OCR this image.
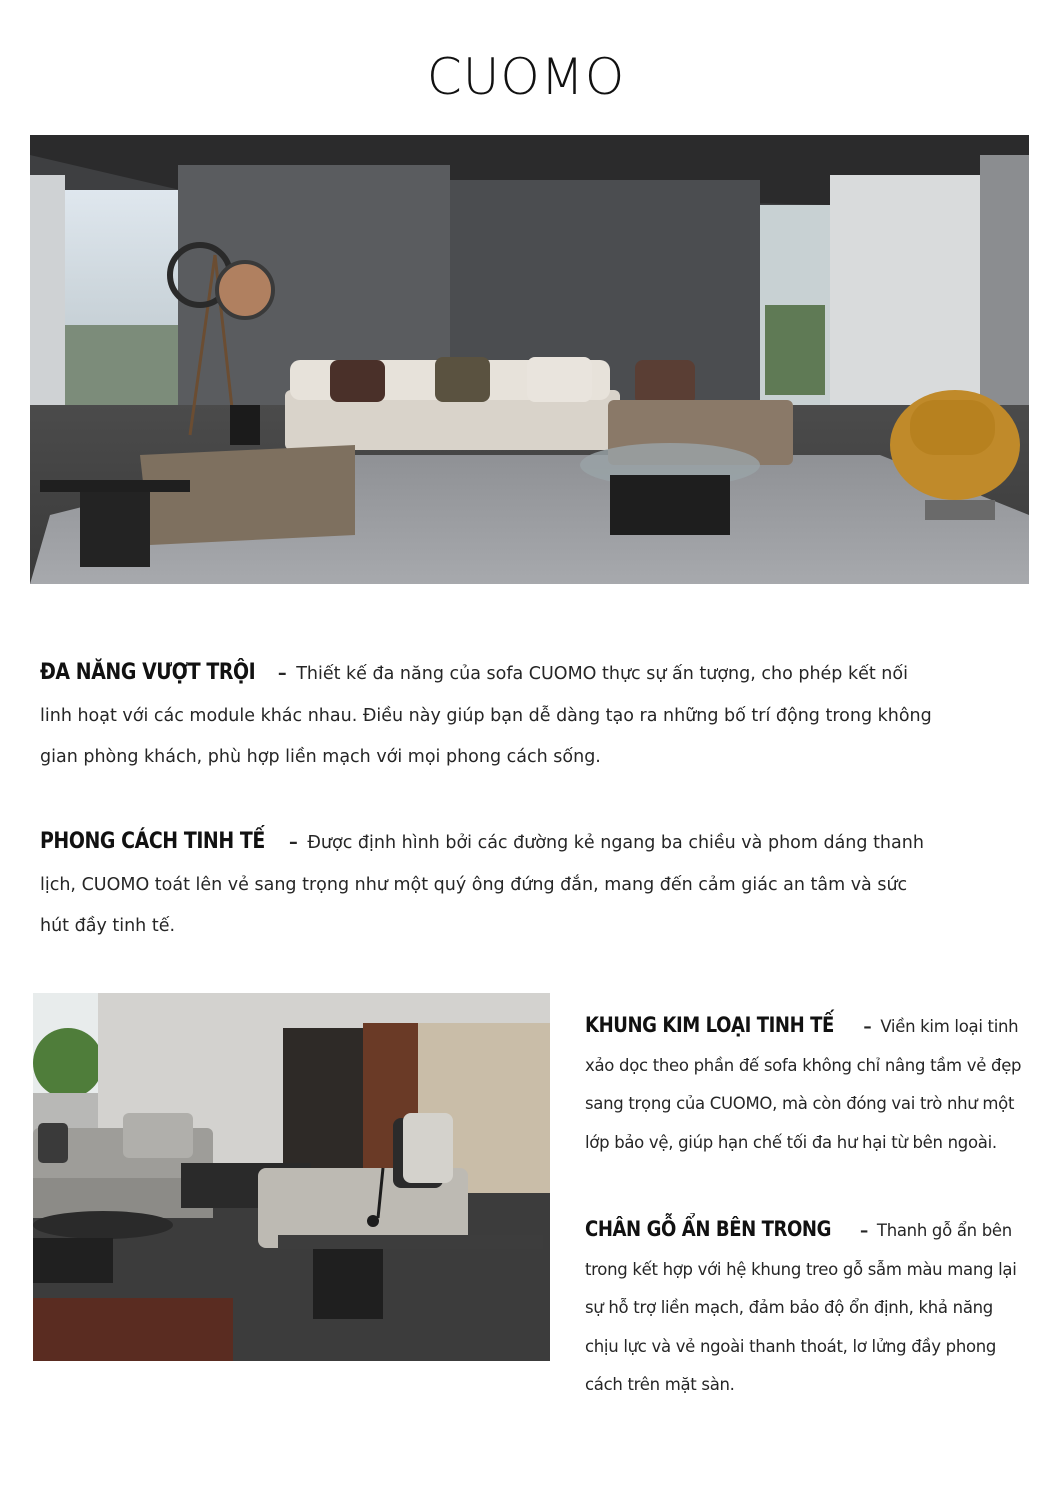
CUOMO
ĐA NĂNG VƯỢT TRỘI – Thiết kế đa năng của sofa CUOMO thực sự ấn tượng, cho phép kết nối linh hoạt với các module khác nhau. Điều này giúp bạn dễ dàng tạo ra những bố trí động trong không gian phòng khách, phù hợp liền mạch với mọi phong cách sống.
PHONG CÁCH TINH TẾ – Được định hình bởi các đường kẻ ngang ba chiều và phom dáng thanh lịch, CUOMO toát lên vẻ sang trọng như một quý ông đứng đắn, mang đến cảm giác an tâm và sức hút đầy tinh tế.
KHUNG KIM LOẠI TINH TẾ – Viền kim loại tinh xảo dọc theo phần đế sofa không chỉ nâng tầm vẻ đẹp sang trọng của CUOMO, mà còn đóng vai trò như một lớp bảo vệ, giúp hạn chế tối đa hư hại từ bên ngoài.
CHÂN GỖ ẨN BÊN TRONG – Thanh gỗ ẩn bên trong kết hợp với hệ khung treo gỗ sẫm màu mang lại sự hỗ trợ liền mạch, đảm bảo độ ổn định, khả năng chịu lực và vẻ ngoài thanh thoát, lơ lửng đầy phong cách trên mặt sàn.
